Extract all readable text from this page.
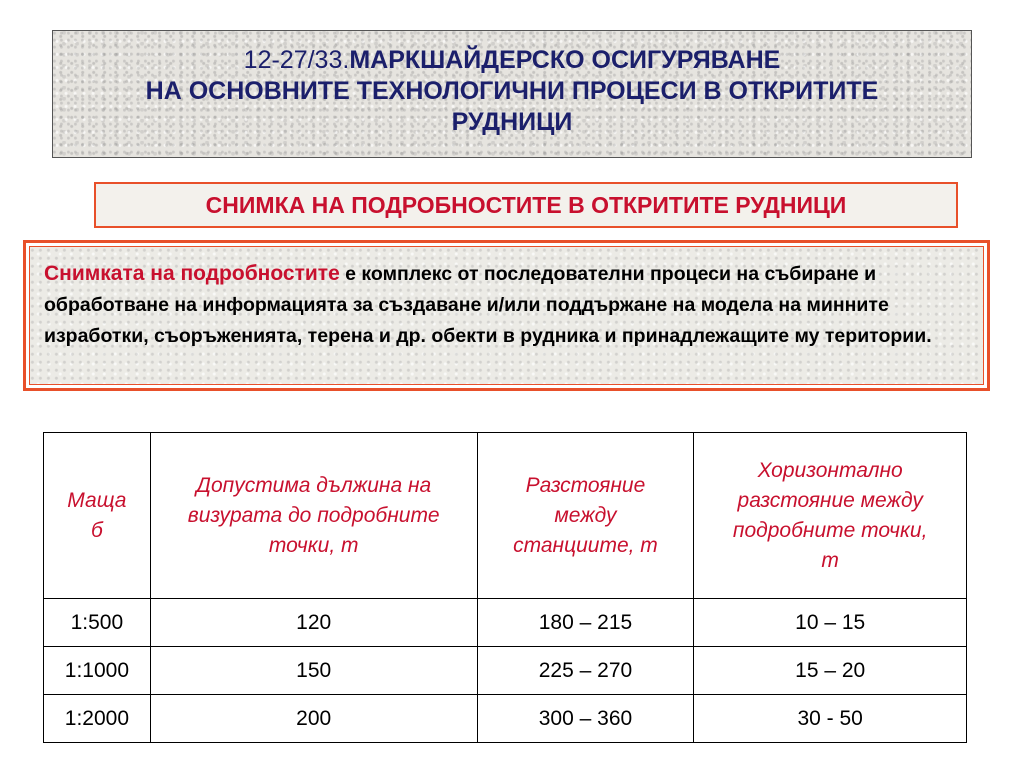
12-27/33.МАРКШАЙДЕРСКО ОСИГУРЯВАНЕ
НА ОСНОВНИТЕ ТЕХНОЛОГИЧНИ ПРОЦЕСИ В ОТКРИТИТЕ
РУДНИЦИ
СНИМКА НА ПОДРОБНОСТИТЕ В ОТКРИТИТЕ РУДНИЦИ
Снимката на подробностите е комплекс от последователни процеси на събиране и обработване на информацията за създаване и/или поддържане на модела на минните изработки, съоръженията, терена и др. обекти в рудника и принадлежащите му територии.
Маща б	Допустима дължина на визурата до подробните точки, m	Разстояние между станциите, m	Хоризонтално разстояние между подробните точки, m

1:500	120	180 – 215	10 – 15
1:1000	150	225 – 270	15 – 20
1:2000	200	300 – 360	30 - 50
